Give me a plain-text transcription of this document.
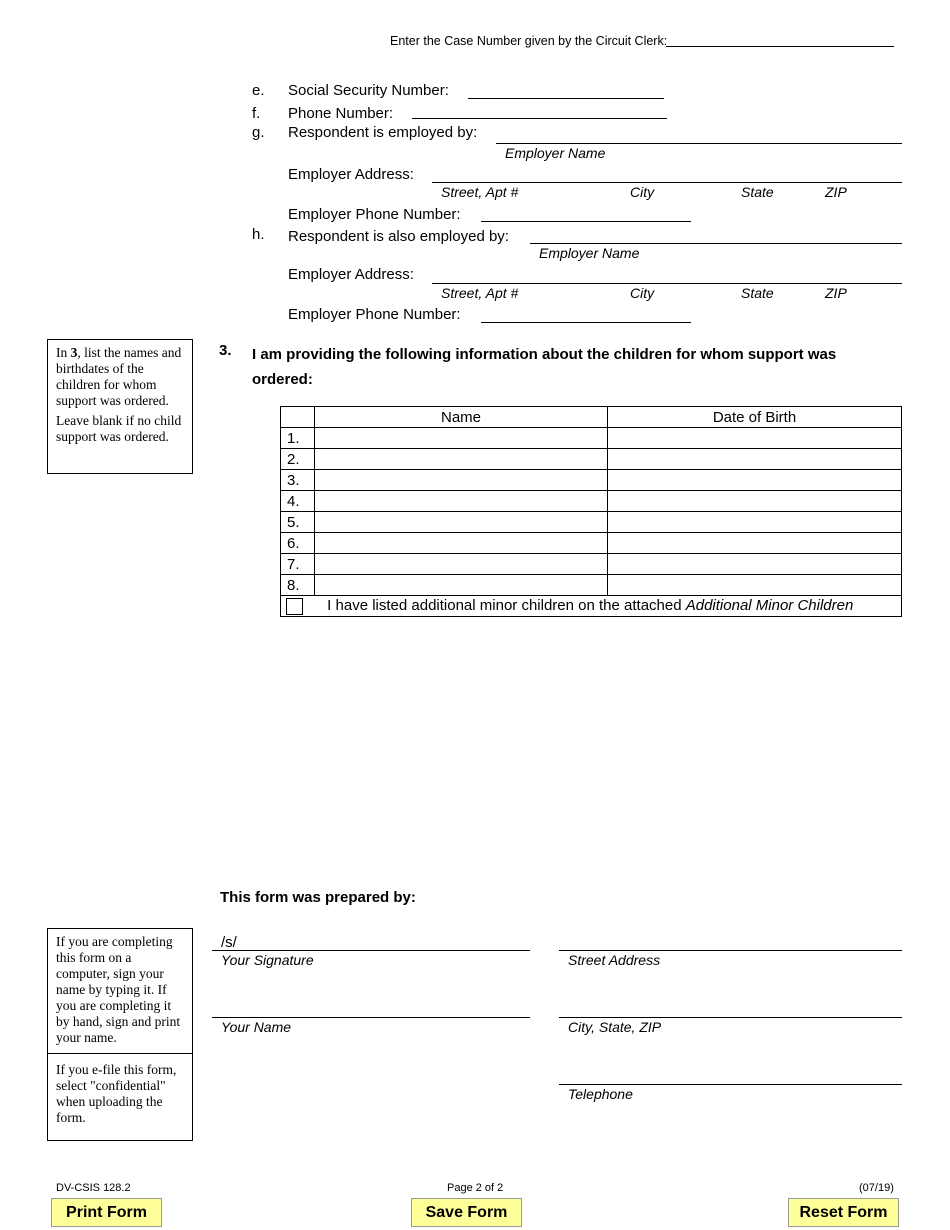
Enter the Case Number given by the Circuit Clerk:
e. Social Security Number:
f. Phone Number:
g. Respondent is employed by:
Employer Name
Employer Address:
Street, Apt #	City	State	ZIP
Employer Phone Number:
h. Respondent is also employed by:
Employer Name
Employer Address:
Street, Apt #	City	State	ZIP
Employer Phone Number:

In 3, list the names and birthdates of the children for whom support was ordered.

Leave blank if no child support was ordered.

3. I am providing the following information about the children for whom support was
ordered:
	Name	Date of Birth
1.		
2.		
3.		
4.		
5.		
6.		
7.		
8.		
I have listed additional minor children on the attached Additional Minor Children		
This form was prepared by:
If you are completing this form on a computer, sign your name by typing it. If you are completing it by hand, sign and print your name.
If you e-file this form, select "confidential" when uploading the form.
/s/
Your Signature	Street Address
Your Name	City, State, ZIP
Telephone
DV-CSIS 128.2	Page 2 of 2	(07/19)
Print Form	Save Form	Reset Form
